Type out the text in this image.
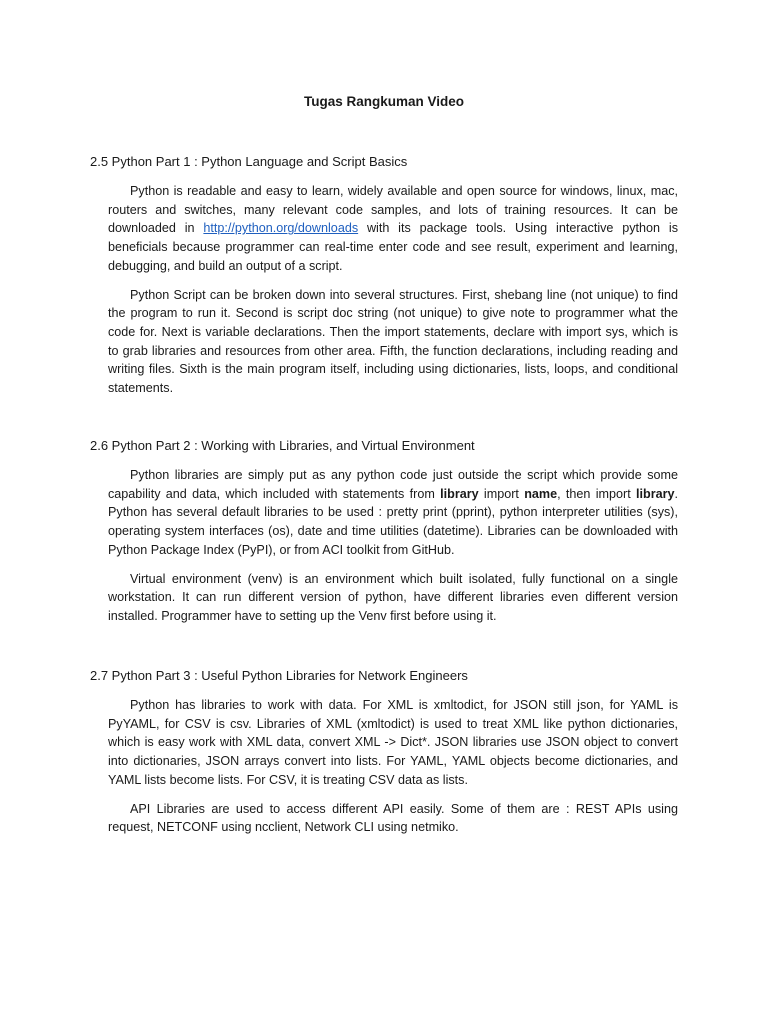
Tugas Rangkuman Video
2.5 Python Part 1 : Python Language and Script Basics

Python is readable and easy to learn, widely available and open source for windows, linux, mac, routers and switches, many relevant code samples, and lots of training resources. It can be downloaded in http://python.org/downloads with its package tools. Using interactive python is beneficials because programmer can real-time enter code and see result, experiment and learning, debugging, and build an output of a script.

Python Script can be broken down into several structures. First, shebang line (not unique) to find the program to run it. Second is script doc string (not unique) to give note to programmer what the code for. Next is variable declarations. Then the import statements, declare with import sys, which is to grab libraries and resources from other area. Fifth, the function declarations, including reading and writing files. Sixth is the main program itself, including using dictionaries, lists, loops, and conditional statements.

2.6 Python Part 2 : Working with Libraries, and Virtual Environment

Python libraries are simply put as any python code just outside the script which provide some capability and data, which included with statements from library import name, then import library. Python has several default libraries to be used : pretty print (pprint), python interpreter utilities (sys), operating system interfaces (os), date and time utilities (datetime). Libraries can be downloaded with Python Package Index (PyPI), or from ACI toolkit from GitHub.

Virtual environment (venv) is an environment which built isolated, fully functional on a single workstation. It can run different version of python, have different libraries even different version installed. Programmer have to setting up the Venv first before using it.

2.7 Python Part 3 : Useful Python Libraries for Network Engineers

Python has libraries to work with data. For XML is xmltodict, for JSON still json, for YAML is PyYAML, for CSV is csv. Libraries of XML (xmltodict) is used to treat XML like python dictionaries, which is easy work with XML data, convert XML -> Dict*. JSON libraries use JSON object to convert into dictionaries, JSON arrays convert into lists. For YAML, YAML objects become dictionaries, and YAML lists become lists. For CSV, it is treating CSV data as lists.

API Libraries are used to access different API easily. Some of them are : REST APIs using request, NETCONF using ncclient, Network CLI using netmiko.
